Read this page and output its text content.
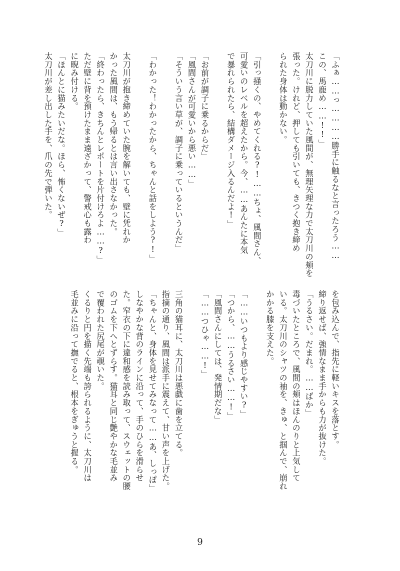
「ふぁ……っ…………勝手に触るなと言ったろう……
この、馬鹿め……!!」
太刀川に脱力していた風間が、無理矢理な力で太刀川の頬を
張った。けれど、押しても引いても、きつく抱き締め
られた身体は動かない。

「引っ掻くの、やめてくれる?!……ちょ、風間さん、
可愛いのレベルを超えたから。今、……あんたに本気
で暴れられたら、結構ダメージ入るんだよ!」

「お前が調子に乗るからだ」
「風間さんが可愛いから悪い……」
「そういう言い草が、調子に乗っているというんだ」

「わかった！わかったから、ちゃんと話をしよう?!」

太刀川が抱き締めていた腕を解いても、壁に凭れか
かった風間は、もう帰るとは言い出さなかった。
「終わったら、きちんとレポートを片付けろよ……?」
ただ壁に背を預けたまま遠ざかって、警戒心も露わ
に睨み付ける。
「ほんとに猫みたいだな。ほら、怖くないぜ?」
太刀川が差し出した手を、爪の先で弾いた。
を包み込んで、指先に軽いキスを落とす。
締り返せば、強情なまま手からも力が抜けた。
「うるさい。だまれ。……ばか」
毒づいたところで、風間の頬はほんのりと上気して
いる。太刀川のシャツの袖を、きゅ、と掴んで、崩れ
かかる膝を支えた。

「……いつもより感じやすい?」
「つから、……うるさい……!」
「風間さんにしては、発情期だな」
「……つひゃ……!」

三角の猫耳に、太刀川は悪戯に歯を立てる。
指摘の通り、風間は派手に震えて、甘い声を上げた。
「ちゃんと、身体を見せてみなって……あ、しっぽ」
しなやかな背のラインに沿って、手のひらを滑らせ
た。窄衣の下に違和感を読み取って、スウェットの腰
のゴムを下へとずらす。猫耳と同じ艶やかな毛並み
で覆われた尻尾が覗いた。
くるりと円を描く先端も誇られるように、太刀川は
毛並みに沿って撫でると、根本をぎゅうと握る。
9
